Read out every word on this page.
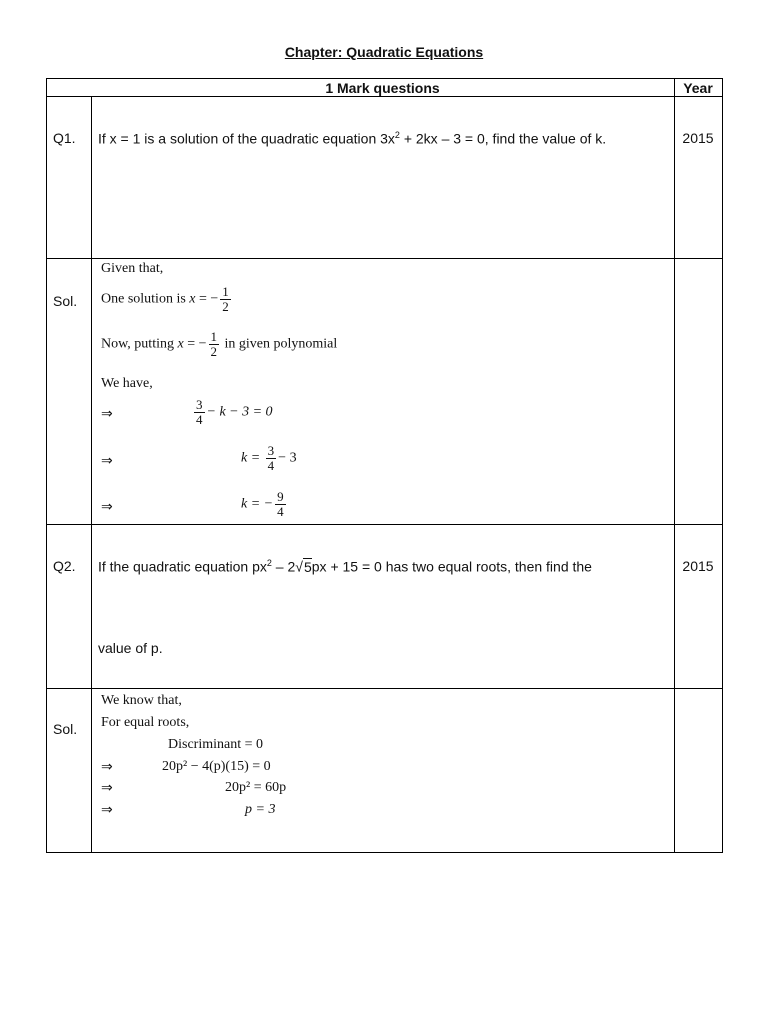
Chapter: Quadratic Equations
1 Mark questions	Year
Q1. If x = 1 is a solution of the quadratic equation $3x^2 + 2kx - 3 = 0$, find the value of k.	2015
Sol.
Given that,
One solution is x = − $\frac{1}{2}$
Now, putting x = − $\frac{1}{2}$ in given polynomial
We have,
⇒	$\frac{3}{4} - k - 3 = 0$
⇒	$k = \frac{3}{4} - 3$
⇒	k = − $\frac{9}{4}$
Q2. If the quadratic equation $px^2 - 2√5px + 15 = 0$ has two equal roots, then find the
value of p.
2015
Sol.
We know that,
For equal roots,
Discriminant = 0
⇒	20p² − 4(p)(15) = 0
⇒	20p² = 60p
⇒	p = 3
